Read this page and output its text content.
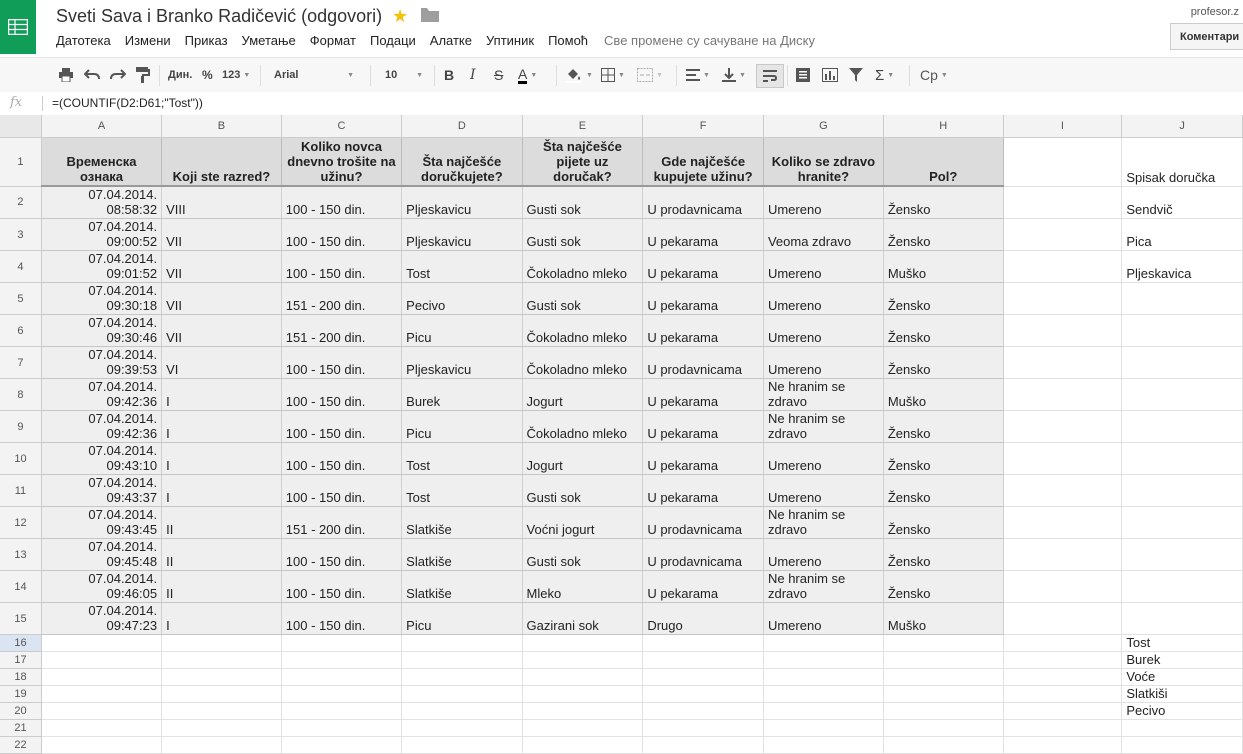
Sveti Sava i Branko Radičević (odgovori) ★
Датотека Измени Приказ Уметање Формат Подаци Алатке Уптиник Помоћ Све промене су сачуване на Диску
profesor.z
Коментари
Дин. % 123 ▼ Arial	▼	10	▼ B I S A ▼	▼	▼	▼	▼	▼	Σ ▼ Ср ▼
fx =(COUNTIF(D2:D61;"Tost"))
	A	B	C	D	E	F	G	H	I	J
1	Временска ознака	Koji ste razred?	Koliko novca dnevno trošite na užinu?	Šta najčešće doručkujete?	Šta najčešće pijete uz doručak?	Gde najčešće kupujete užinu?	Koliko se zdravo hranite?	Pol?		Spisak doručka
2	07.04.2014. 08:58:32	VIII	100 - 150 din.	Pljeskavicu	Gusti sok	U prodavnicama	Umereno	Žensko		Sendvič
3	07.04.2014. 09:00:52	VII	100 - 150 din.	Pljeskavicu	Gusti sok	U pekarama	Veoma zdravo	Žensko		Pica
4	07.04.2014. 09:01:52	VII	100 - 150 din.	Tost	Čokoladno mleko	U pekarama	Umereno	Muško		Pljeskavica
5	07.04.2014. 09:30:18	VII	151 - 200 din.	Pecivo	Gusti sok	U pekarama	Umereno	Žensko		
6	07.04.2014. 09:30:46	VII	151 - 200 din.	Picu	Čokoladno mleko	U pekarama	Umereno	Žensko		
7	07.04.2014. 09:39:53	VI	100 - 150 din.	Pljeskavicu	Čokoladno mleko	U prodavnicama	Umereno	Žensko		
8	07.04.2014. 09:42:36	I	100 - 150 din.	Burek	Jogurt	U pekarama	Ne hranim se zdravo	Muško		
9	07.04.2014. 09:42:36	I	100 - 150 din.	Picu	Čokoladno mleko	U pekarama	Ne hranim se zdravo	Žensko		
10	07.04.2014. 09:43:10	I	100 - 150 din.	Tost	Jogurt	U pekarama	Umereno	Žensko		
11	07.04.2014. 09:43:37	I	100 - 150 din.	Tost	Gusti sok	U pekarama	Umereno	Žensko		
12	07.04.2014. 09:43:45	II	151 - 200 din.	Slatkiše	Voćni jogurt	U prodavnicama	Ne hranim se zdravo	Žensko		
13	07.04.2014. 09:45:48	II	100 - 150 din.	Slatkiše	Gusti sok	U prodavnicama	Umereno	Žensko		
14	07.04.2014. 09:46:05	II	100 - 150 din.	Slatkiše	Mleko	U pekarama	Ne hranim se zdravo	Žensko		
15	07.04.2014. 09:47:23	I	100 - 150 din.	Picu	Gazirani sok	Drugo	Umereno	Muško		
16										Tost
17										Burek
18										Voće
19										Slatkiši
20										Pecivo
21										
22										
